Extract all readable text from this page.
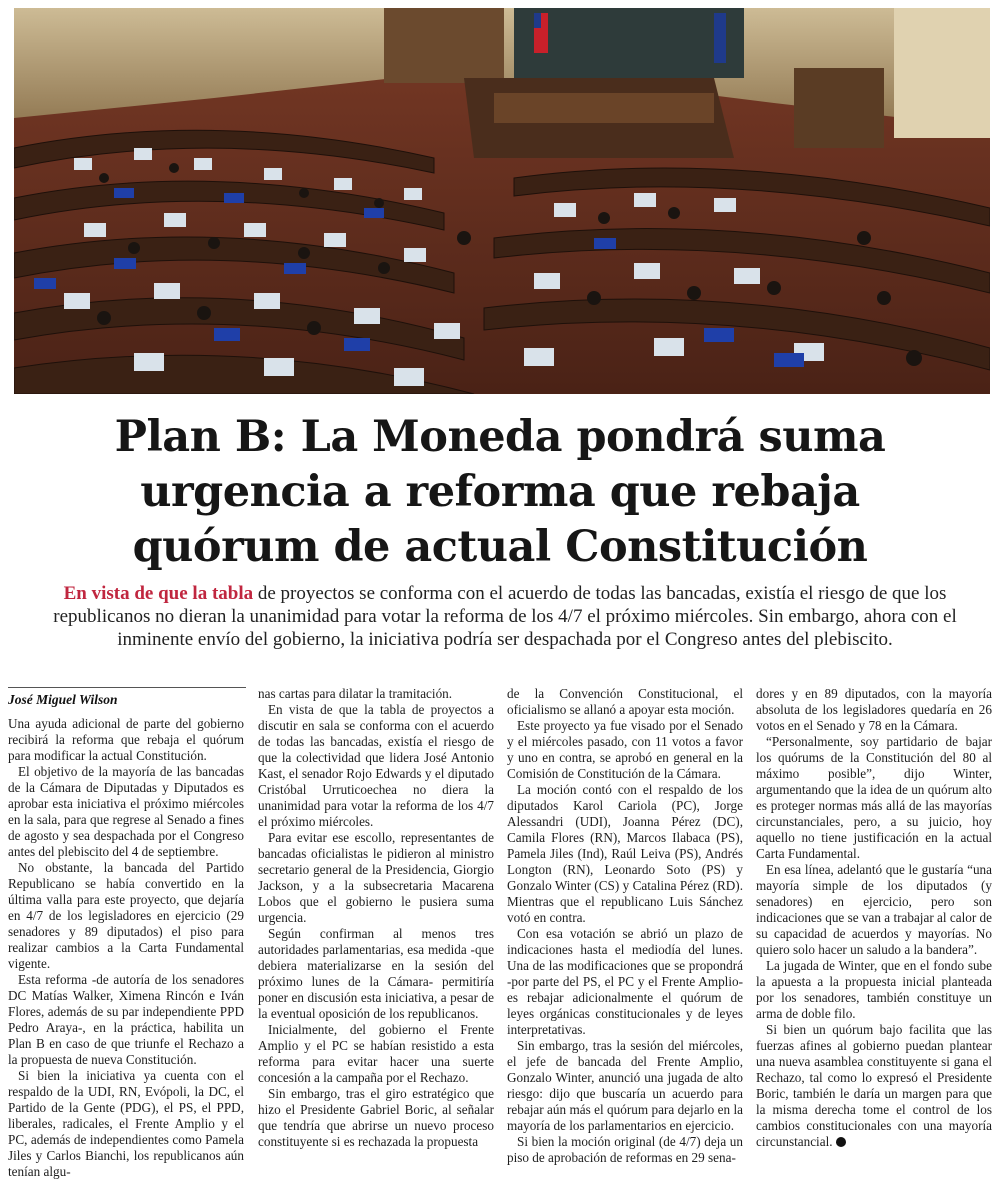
Plan B: La Moneda pondrá suma
urgencia a reforma que rebaja
quórum de actual Constitución
En vista de que la tabla de proyectos se conforma con el acuerdo de todas las bancadas, existía el riesgo de que los republicanos no dieran la unanimidad para votar la reforma de los 4/7 el próximo miércoles. Sin embargo, ahora con el inminente envío del gobierno, la iniciativa podría ser despachada por el Congreso antes del plebiscito.
José Miguel Wilson

Una ayuda adicional de parte del gobierno recibirá la reforma que rebaja el quórum para modificar la actual Constitución.

El objetivo de la mayoría de las bancadas de la Cámara de Diputadas y Diputados es aprobar esta iniciativa el próximo miércoles en la sala, para que regrese al Senado a fines de agosto y sea despachada por el Congreso antes del plebiscito del 4 de septiembre.

No obstante, la bancada del Partido Republicano se había convertido en la última valla para este proyecto, que dejaría en 4/7 de los legisladores en ejercicio (29 senadores y 89 diputados) el piso para realizar cambios a la Carta Fundamental vigente.

Esta reforma -de autoría de los senadores DC Matías Walker, Ximena Rincón e Iván Flores, además de su par independiente PPD Pedro Araya-, en la práctica, habilita un Plan B en caso de que triunfe el Rechazo a la propuesta de nueva Constitución.

Si bien la iniciativa ya cuenta con el respaldo de la UDI, RN, Evópoli, la DC, el Partido de la Gente (PDG), el PS, el PPD, liberales, radicales, el Frente Amplio y el PC, además de independientes como Pamela Jiles y Carlos Bianchi, los republicanos aún tenían algu-

nas cartas para dilatar la tramitación.

En vista de que la tabla de proyectos a discutir en sala se conforma con el acuerdo de todas las bancadas, existía el riesgo de que la colectividad que lidera José Antonio Kast, el senador Rojo Edwards y el diputado Cristóbal Urruticoechea no diera la unanimidad para votar la reforma de los 4/7 el próximo miércoles.

Para evitar ese escollo, representantes de bancadas oficialistas le pidieron al ministro secretario general de la Presidencia, Giorgio Jackson, y a la subsecretaria Macarena Lobos que el gobierno le pusiera suma urgencia.

Según confirman al menos tres autoridades parlamentarias, esa medida -que debiera materializarse en la sesión del próximo lunes de la Cámara- permitiría poner en discusión esta iniciativa, a pesar de la eventual oposición de los republicanos.

Inicialmente, del gobierno el Frente Amplio y el PC se habían resistido a esta reforma para evitar hacer una suerte concesión a la campaña por el Rechazo.

Sin embargo, tras el giro estratégico que hizo el Presidente Gabriel Boric, al señalar que tendría que abrirse un nuevo proceso constituyente si es rechazada la propuesta

de la Convención Constitucional, el oficialismo se allanó a apoyar esta moción.

Este proyecto ya fue visado por el Senado y el miércoles pasado, con 11 votos a favor y uno en contra, se aprobó en general en la Comisión de Constitución de la Cámara.

La moción contó con el respaldo de los diputados Karol Cariola (PC), Jorge Alessandri (UDI), Joanna Pérez (DC), Camila Flores (RN), Marcos Ilabaca (PS), Pamela Jiles (Ind), Raúl Leiva (PS), Andrés Longton (RN), Leonardo Soto (PS) y Gonzalo Winter (CS) y Catalina Pérez (RD). Mientras que el republicano Luis Sánchez votó en contra.

Con esa votación se abrió un plazo de indicaciones hasta el mediodía del lunes. Una de las modificaciones que se propondrá -por parte del PS, el PC y el Frente Amplio- es rebajar adicionalmente el quórum de leyes orgánicas constitucionales y de leyes interpretativas.

Sin embargo, tras la sesión del miércoles, el jefe de bancada del Frente Amplio, Gonzalo Winter, anunció una jugada de alto riesgo: dijo que buscaría un acuerdo para rebajar aún más el quórum para dejarlo en la mayoría de los parlamentarios en ejercicio.

Si bien la moción original (de 4/7) deja un piso de aprobación de reformas en 29 sena-

dores y en 89 diputados, con la mayoría absoluta de los legisladores quedaría en 26 votos en el Senado y 78 en la Cámara.

“Personalmente, soy partidario de bajar los quórums de la Constitución del 80 al máximo posible”, dijo Winter, argumentando que la idea de un quórum alto es proteger normas más allá de las mayorías circunstanciales, pero, a su juicio, hoy aquello no tiene justificación en la actual Carta Fundamental.

En esa línea, adelantó que le gustaría “una mayoría simple de los diputados (y senadores) en ejercicio, pero son indicaciones que se van a trabajar al calor de su capacidad de acuerdos y mayorías. No quiero solo hacer un saludo a la bandera”.

La jugada de Winter, que en el fondo sube la apuesta a la propuesta inicial planteada por los senadores, también constituye un arma de doble filo.

Si bien un quórum bajo facilita que las fuerzas afines al gobierno puedan plantear una nueva asamblea constituyente si gana el Rechazo, tal como lo expresó el Presidente Boric, también le daría un margen para que la misma derecha tome el control de los cambios constitucionales con una mayoría circunstancial.
